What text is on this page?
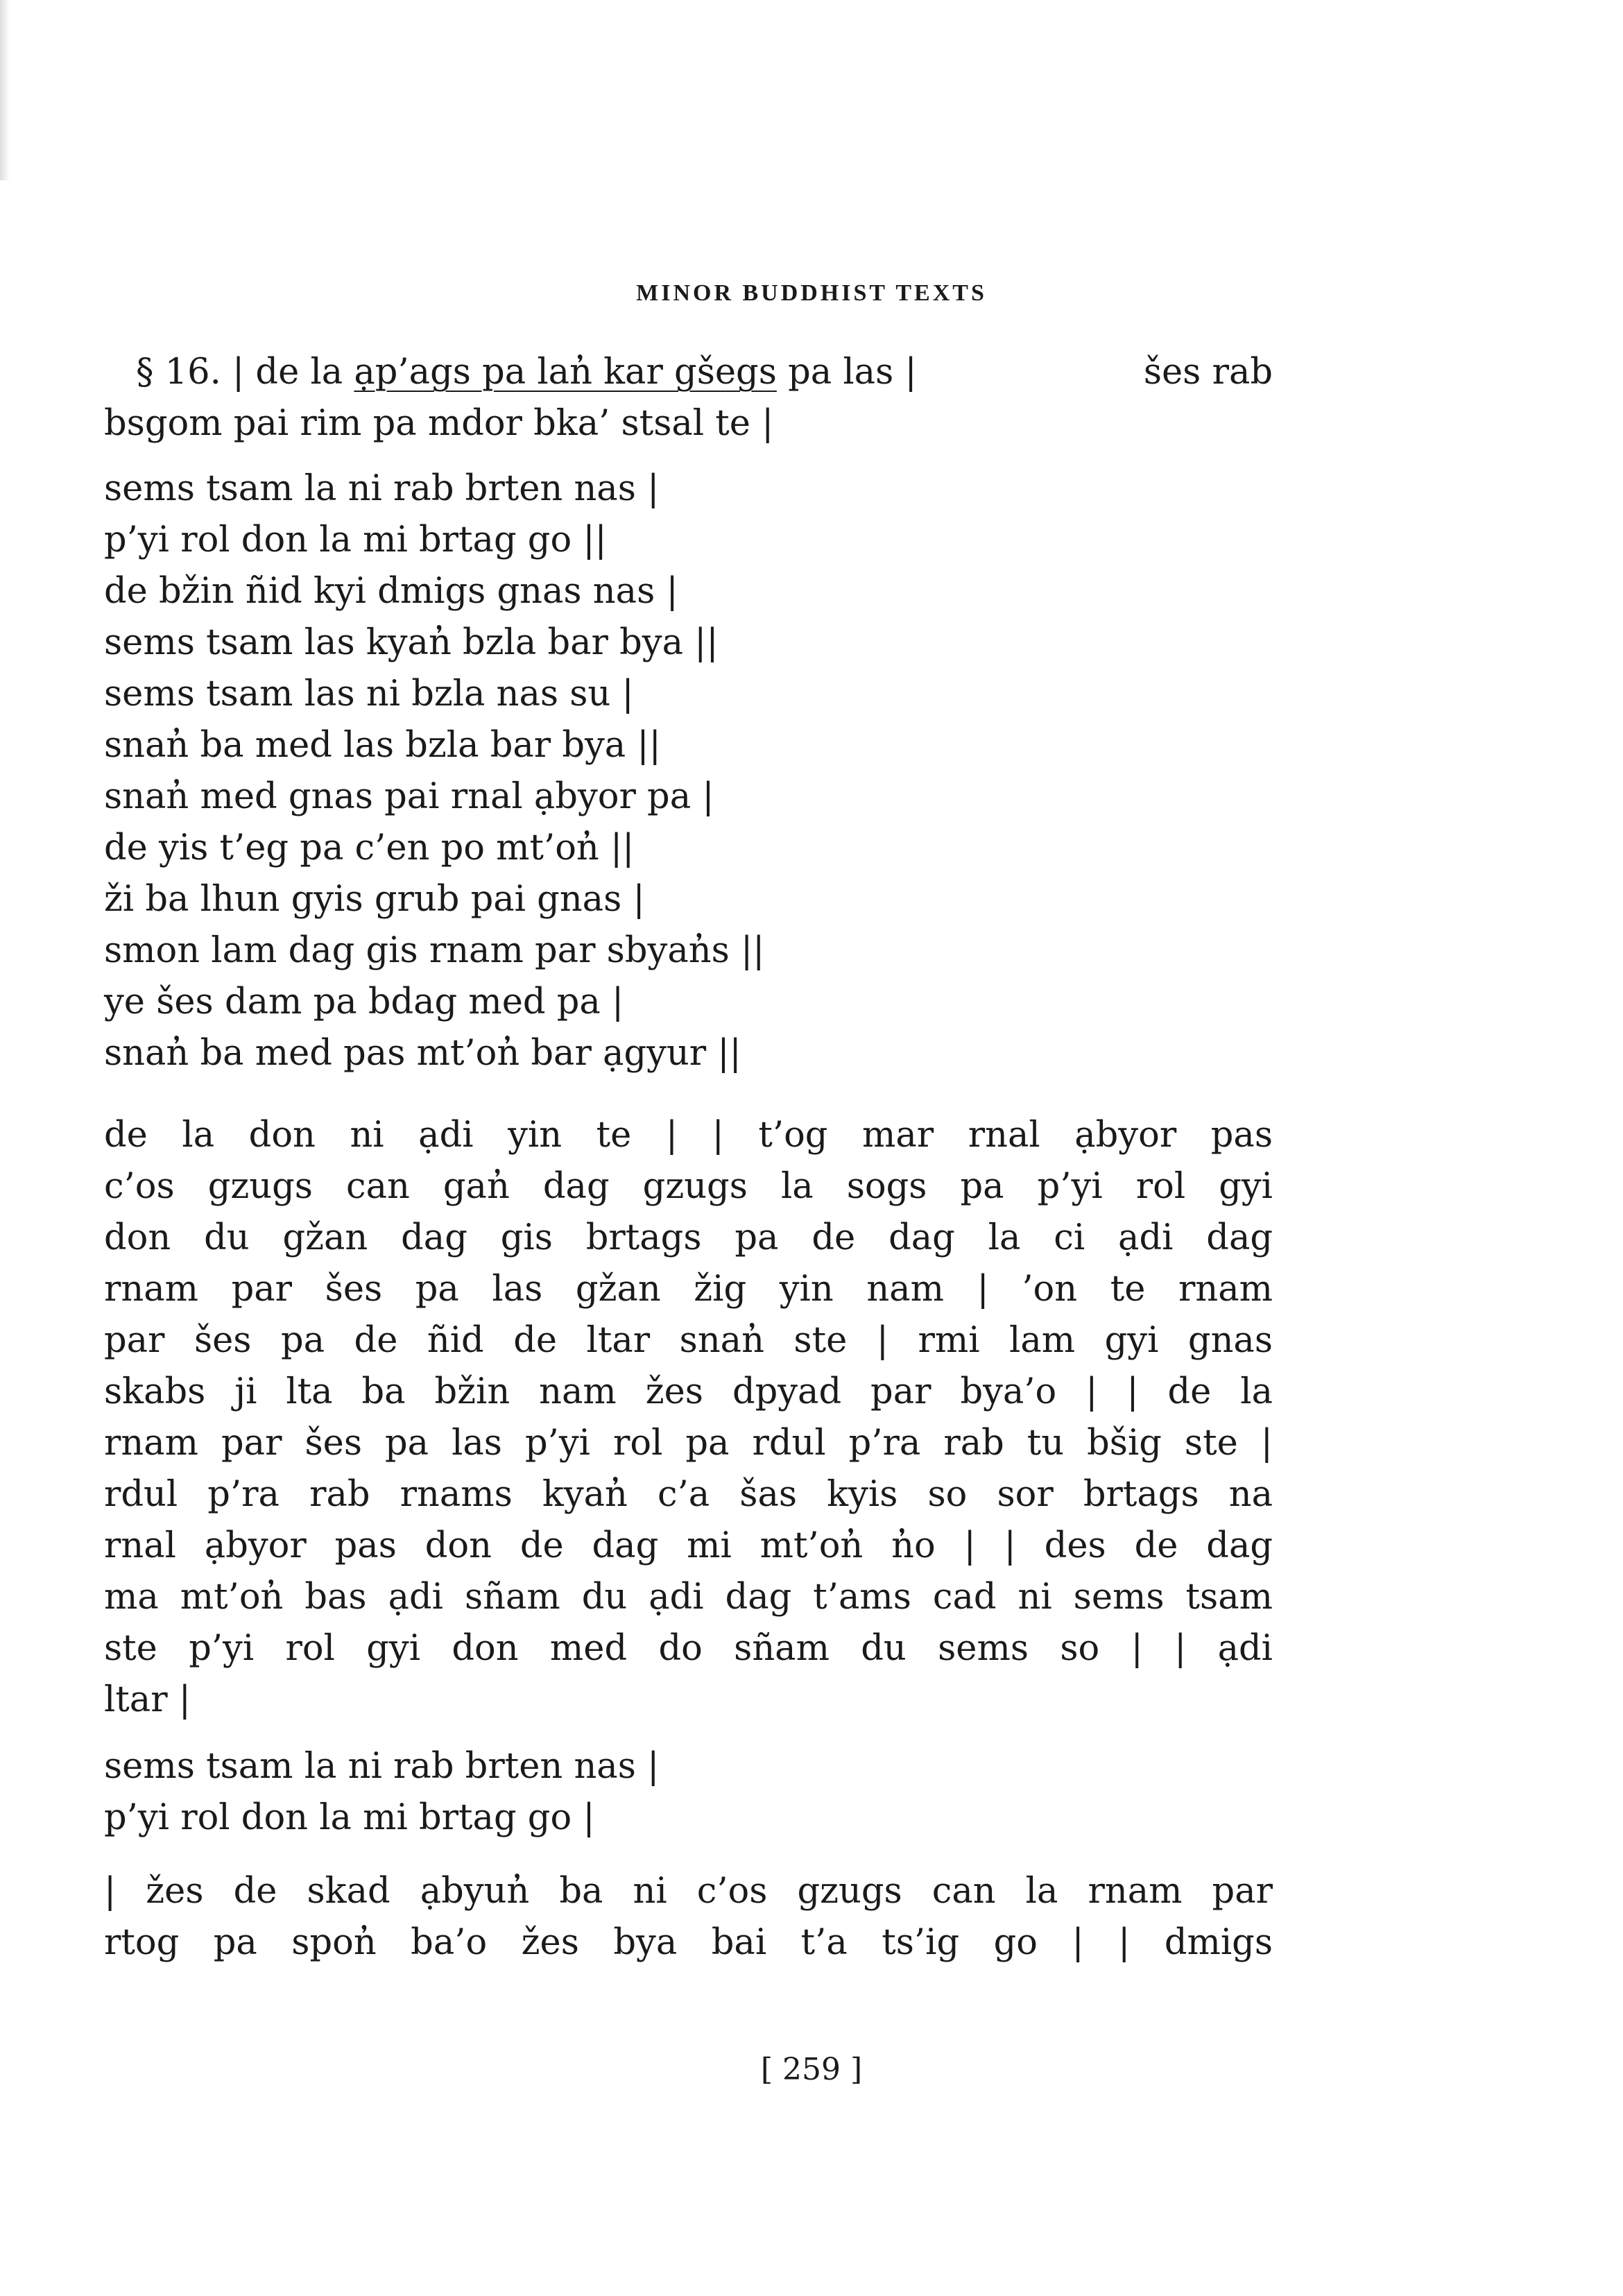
MINOR BUDDHIST TEXTS
§ 16. | de la ạp’ags pa lan̓ kar gšegs pa las |	šes rab
bsgom pai rim pa mdor bka’ stsal te |
sems tsam la ni rab brten nas |
p’yi rol don la mi brtag go ||
de bžin ñid kyi dmigs gnas nas |
sems tsam las kyan̓ bzla bar bya ||
sems tsam las ni bzla nas su |
snan̓ ba med las bzla bar bya ||
snan̓ med gnas pai rnal ạbyor pa |
de yis t’eg pa c’en po mt’on̓ ||
ži ba lhun gyis grub pai gnas |
smon lam dag gis rnam par sbyan̓s ||
ye šes dam pa bdag med pa |
snan̓ ba med pas mt’on̓ bar ạgyur ||
de la don ni ạdi yin te | | t’og mar rnal ạbyor pas
c’os gzugs can gan̓ dag gzugs la sogs pa p’yi rol gyi
don du gžan dag gis brtags pa de dag la ci ạdi dag
rnam par šes pa las gžan žig yin nam | ’on te rnam
par šes pa de ñid de ltar snan̓ ste | rmi lam gyi gnas
skabs ji lta ba bžin nam žes dpyad par bya’o | | de la
rnam par šes pa las p’yi rol pa rdul p’ra rab tu bšig ste |
rdul p’ra rab rnams kyan̓ c’a šas kyis so sor brtags na
rnal ạbyor pas don de dag mi mt’on̓ n̓o | | des de dag
ma mt’on̓ bas ạdi sñam du ạdi dag t’ams cad ni sems tsam
ste p’yi rol gyi don med do sñam du sems so | | ạdi
ltar |
sems tsam la ni rab brten nas |
p’yi rol don la mi brtag go |
| žes de skad ạbyun̓ ba ni c’os gzugs can la rnam par
rtog pa spon̓ ba’o žes bya bai t’a ts’ig go | | dmigs
[ 259 ]
